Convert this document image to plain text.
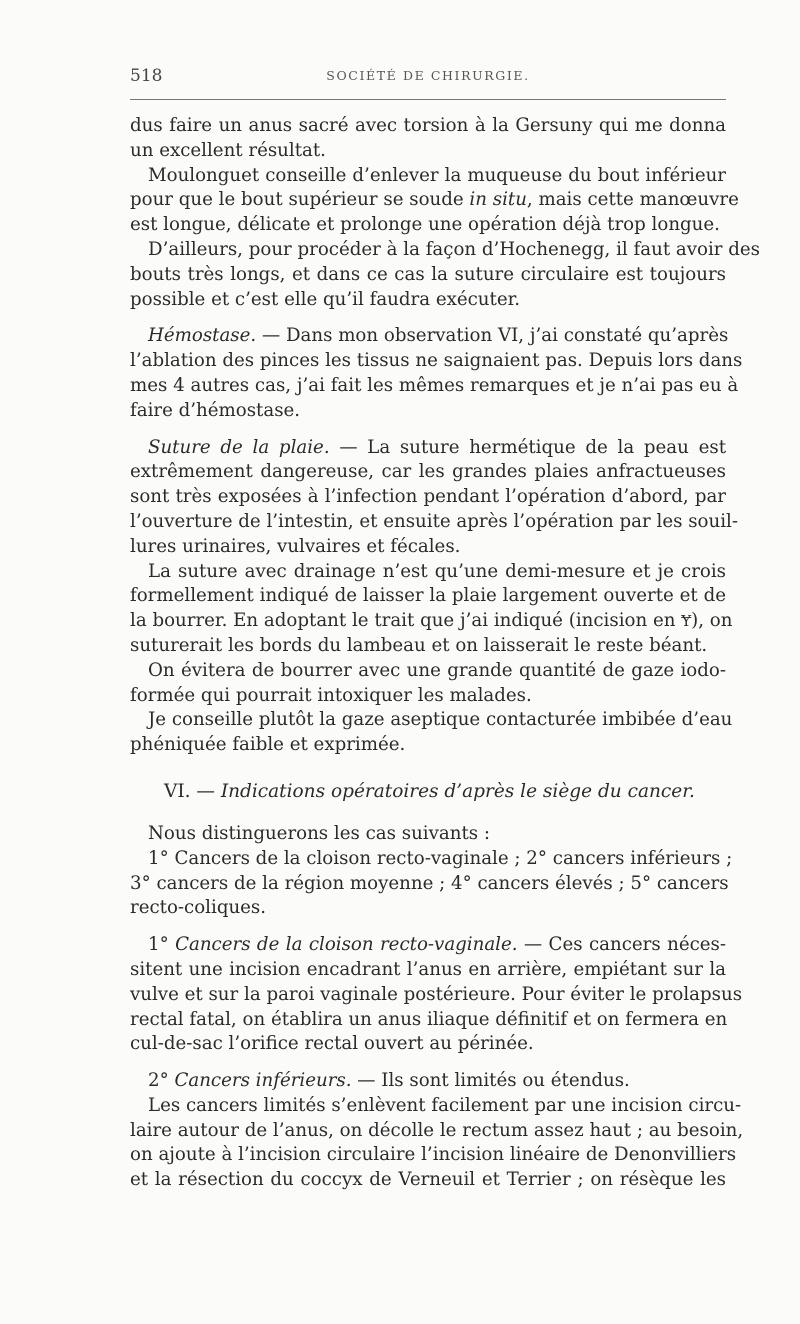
518	SOCIÉTÉ DE CHIRURGIE.
dus faire un anus sacré avec torsion à la Gersuny qui me donna
un excellent résultat.
Moulonguet conseille d’enlever la muqueuse du bout inférieur
pour que le bout supérieur se soude in situ, mais cette manœuvre
est longue, délicate et prolonge une opération déjà trop longue.
D’ailleurs, pour procéder à la façon d’Hochenegg, il faut avoir des
bouts très longs, et dans ce cas la suture circulaire est toujours
possible et c’est elle qu’il faudra exécuter.
Hémostase. — Dans mon observation VI, j’ai constaté qu’après
l’ablation des pinces les tissus ne saignaient pas. Depuis lors dans
mes 4 autres cas, j’ai fait les mêmes remarques et je n’ai pas eu à
faire d’hémostase.
Suture de la plaie. — La suture hermétique de la peau est
extrêmement dangereuse, car les grandes plaies anfractueuses
sont très exposées à l’infection pendant l’opération d’abord, par
l’ouverture de l’intestin, et ensuite après l’opération par les souil-
lures urinaires, vulvaires et fécales.
La suture avec drainage n’est qu’une demi-mesure et je crois
formellement indiqué de laisser la plaie largement ouverte et de
la bourrer. En adoptant le trait que j’ai indiqué (incision en Ɏ), on
suturerait les bords du lambeau et on laisserait le reste béant.
On évitera de bourrer avec une grande quantité de gaze iodo-
formée qui pourrait intoxiquer les malades.
Je conseille plutôt la gaze aseptique contacturée imbibée d’eau
phéniquée faible et exprimée.
VI. — Indications opératoires d’après le siège du cancer.
Nous distinguerons les cas suivants :
1° Cancers de la cloison recto-vaginale ; 2° cancers inférieurs ;
3° cancers de la région moyenne ; 4° cancers élevés ; 5° cancers
recto-coliques.
1° Cancers de la cloison recto-vaginale. — Ces cancers néces-
sitent une incision encadrant l’anus en arrière, empiétant sur la
vulve et sur la paroi vaginale postérieure. Pour éviter le prolapsus
rectal fatal, on établira un anus iliaque définitif et on fermera en
cul-de-sac l’orifice rectal ouvert au périnée.
2° Cancers inférieurs. — Ils sont limités ou étendus.
Les cancers limités s’enlèvent facilement par une incision circu-
laire autour de l’anus, on décolle le rectum assez haut ; au besoin,
on ajoute à l’incision circulaire l’incision linéaire de Denonvilliers
et la résection du coccyx de Verneuil et Terrier ; on résèque les
